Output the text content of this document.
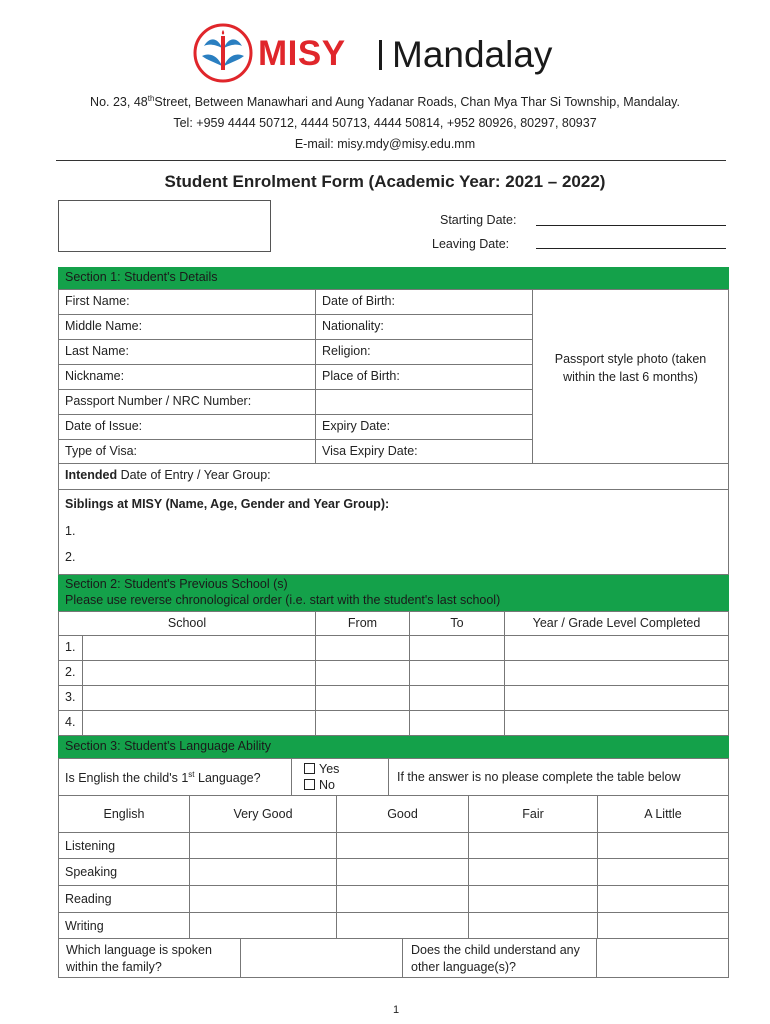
MISY Mandalay
No. 23, 48thStreet, Between Manawhari and Aung Yadanar Roads, Chan Mya Thar Si Township, Mandalay.
Tel: +959 4444 50712, 4444 50713, 4444 50814, +952 80926, 80297, 80937
E-mail: misy.mdy@misy.edu.mm
Student Enrolment Form (Academic Year: 2021 – 2022)
Starting Date:
Leaving Date:
Section 1: Student's Details
First Name:	Date of Birth:
Middle Name:	Nationality:
Last Name:	Religion:
Nickname:	Place of Birth:
Passport Number / NRC Number:
Date of Issue:	Expiry Date:
Type of Visa:	Visa Expiry Date:
Passport style photo (taken within the last 6 months)
Intended Date of Entry / Year Group:
Siblings at MISY (Name, Age, Gender and Year Group):
1.
2.
Section 2: Student's Previous School (s)
Please use reverse chronological order (i.e. start with the student's last school)
School	From	To	Year / Grade Level Completed
1.
2.
3.
4.
Section 3: Student's Language Ability
Is English the child's 1st Language?
Yes
No
If the answer is no please complete the table below
English	Very Good	Good	Fair	A Little
Listening
Speaking
Reading
Writing
Which language is spoken within the family?
Does the child understand any other language(s)?
1
